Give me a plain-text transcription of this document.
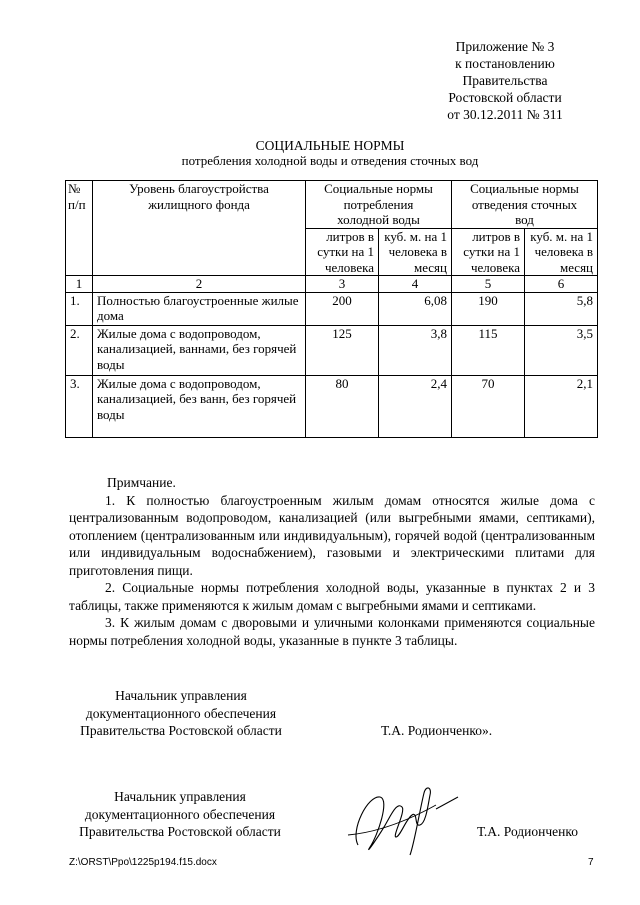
Приложение № 3
к постановлению
Правительства
Ростовской области
от 30.12.2011 № 311
СОЦИАЛЬНЫЕ НОРМЫ
потребления холодной воды и отведения сточных вод
№ п/п	Уровень благоустройства жилищного фонда	Социальные нормы потребления холодной воды		Социальные нормы отведения сточных вод	

		литров в сутки на 1 человека	куб. м. на 1 человека в месяц	литров в сутки на 1 человека	куб. м. на 1 человека в месяц
1	2	3	4	5	6
1.	Полностью благоустроенные жилые дома	200	6,08	190	5,8
2.	Жилые дома с водопроводом, канализацией, ваннами, без горячей воды	125	3,8	115	3,5
3.	Жилые дома с водопроводом, канализацией, без ванн, без горячей воды	80	2,4	70	2,1

Примчание.

1. К полностью благоустроенным жилым домам относятся жилые дома с централизованным водопроводом, канализацией (или выгребными ямами, септиками), отоплением (централизованным или индивидуальным), горячей водой (централизованным или индивидуальным водоснабжением), газовыми и электрическими плитами для приготовления пищи.

2. Социальные нормы потребления холодной воды, указанные в пунктах 2 и 3 таблицы, также применяются к жилым домам с выгребными ямами и септиками.

3. К жилым домам с дворовыми и уличными колонками применяются социальные нормы потребления холодной воды, указанные в пункте 3 таблицы.

Начальник управления
документационного обеспечения
Правительства Ростовской области	Т.А. Родионченко».
Начальник управления
документационного обеспечения
Правительства Ростовской области	Т.А. Родионченко
Z:\ORST\Ppo\1225p194.f15.docx	7
